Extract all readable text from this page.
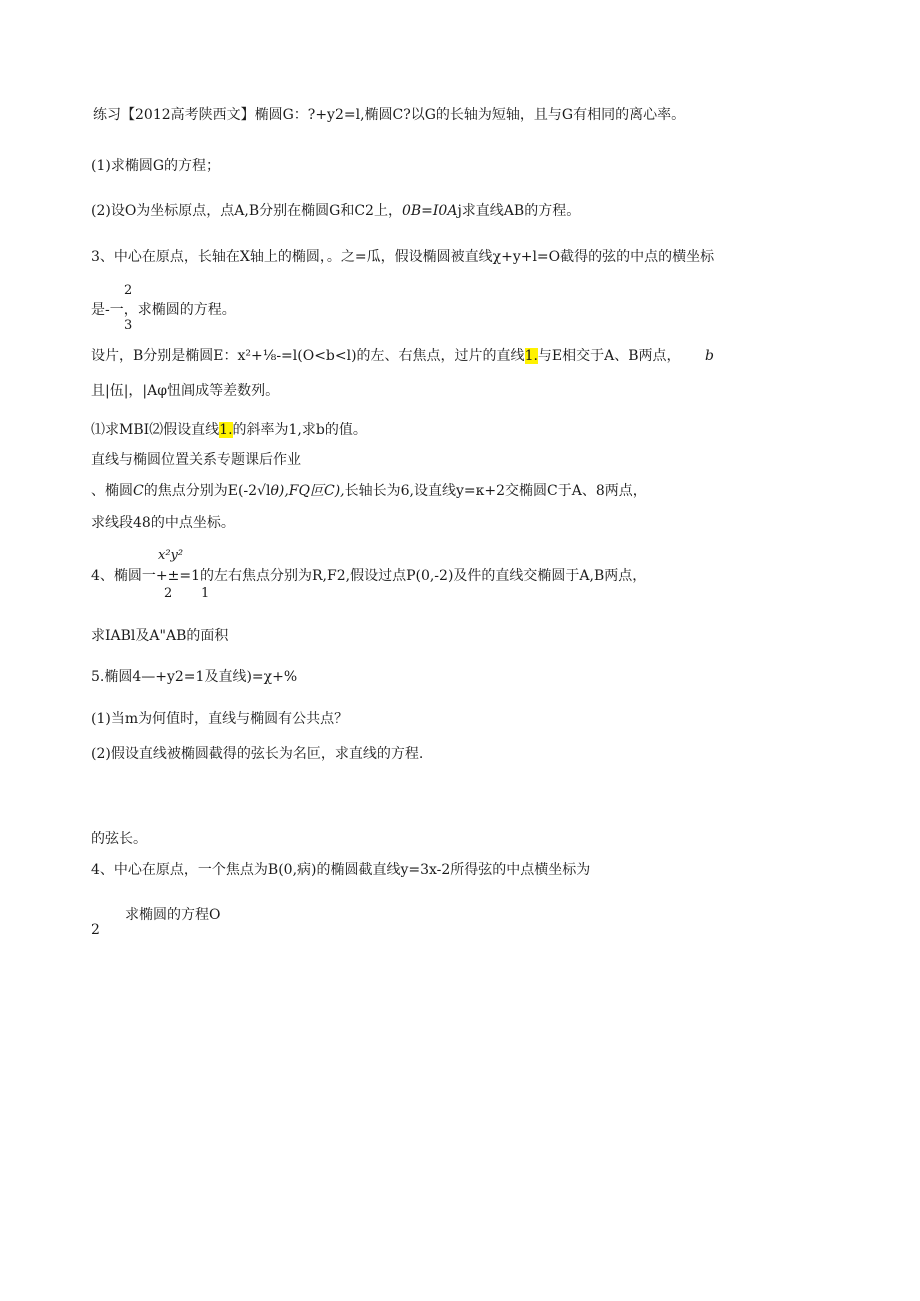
练习【2012高考陕西文】椭圆G：?+y2=l,椭圆C?以G的长轴为短轴，且与G有相同的离心率。
(1)求椭圆G的方程；
(2)设O为坐标原点，点A,B分别在椭圆G和C2上，0B=I0Aj求直线AB的方程。
3、中心在原点，长轴在X轴上的椭圆，。之=瓜，假设椭圆被直线χ+y+l=O截得的弦的中点的横坐标
2
是-一，求椭圆的方程。
3
设片，B分别是椭圆E：x²+⅛-=l(O<b<l)的左、右焦点，过片的直线1.与E相交于A、B两点， b
且|伍|，|Aφ忸阊成等差数列。
⑴求MBI⑵假设直线1.的斜率为1,求b的值。
直线与椭圆位置关系专题课后作业
、椭圆C的焦点分别为E(-2√lθ),FQ叵C),长轴长为6,设直线y=κ+2交椭圆C于A、8两点，
求线段48的中点坐标。
x²y²
4、椭圆一+±=1的左右焦点分别为R,F2,假设过点P(0,-2)及件的直线交椭圆于A,B两点，
2 1
求IABl及A"AB的面积
5.椭圆4—+y2=1及直线)=χ+%
(1)当m为何值时，直线与椭圆有公共点？
(2)假设直线被椭圆截得的弦长为名叵，求直线的方程.
的弦长。
4、中心在原点，一个焦点为B(0,病)的椭圆截直线y=3x-2所得弦的中点横坐标为
求椭圆的方程O
2
